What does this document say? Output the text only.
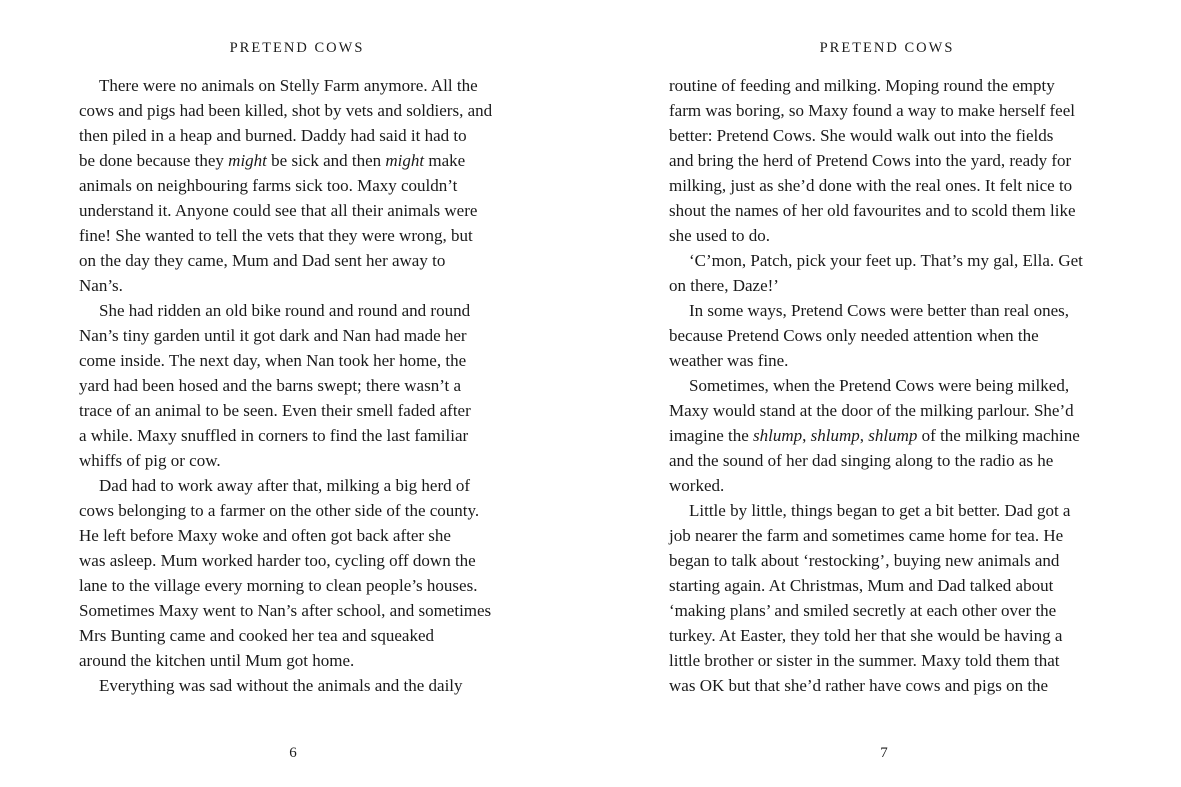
PRETEND COWS

There were no animals on Stelly Farm anymore. All the

cows and pigs had been killed, shot by vets and soldiers, and

then piled in a heap and burned. Daddy had said it had to

be done because they might be sick and then might make

animals on neighbouring farms sick too. Maxy couldn’t

understand it. Anyone could see that all their animals were

fine! She wanted to tell the vets that they were wrong, but

on the day they came, Mum and Dad sent her away to

Nan’s.

She had ridden an old bike round and round and round

Nan’s tiny garden until it got dark and Nan had made her

come inside. The next day, when Nan took her home, the

yard had been hosed and the barns swept; there wasn’t a

trace of an animal to be seen. Even their smell faded after

a while. Maxy snuffled in corners to find the last familiar

whiffs of pig or cow.

Dad had to work away after that, milking a big herd of

cows belonging to a farmer on the other side of the county.

He left before Maxy woke and often got back after she

was asleep. Mum worked harder too, cycling off down the

lane to the village every morning to clean people’s houses.

Sometimes Maxy went to Nan’s after school, and sometimes

Mrs Bunting came and cooked her tea and squeaked

around the kitchen until Mum got home.

Everything was sad without the animals and the daily

6
PRETEND COWS

routine of feeding and milking. Moping round the empty

farm was boring, so Maxy found a way to make herself feel

better: Pretend Cows. She would walk out into the fields

and bring the herd of Pretend Cows into the yard, ready for

milking, just as she’d done with the real ones. It felt nice to

shout the names of her old favourites and to scold them like

she used to do.

‘C’mon, Patch, pick your feet up. That’s my gal, Ella. Get

on there, Daze!’

In some ways, Pretend Cows were better than real ones,

because Pretend Cows only needed attention when the

weather was fine.

Sometimes, when the Pretend Cows were being milked,

Maxy would stand at the door of the milking parlour. She’d

imagine the shlump, shlump, shlump of the milking machine

and the sound of her dad singing along to the radio as he

worked.

Little by little, things began to get a bit better. Dad got a

job nearer the farm and sometimes came home for tea. He

began to talk about ‘restocking’, buying new animals and

starting again. At Christmas, Mum and Dad talked about

‘making plans’ and smiled secretly at each other over the

turkey. At Easter, they told her that she would be having a

little brother or sister in the summer. Maxy told them that

was OK but that she’d rather have cows and pigs on the

7
